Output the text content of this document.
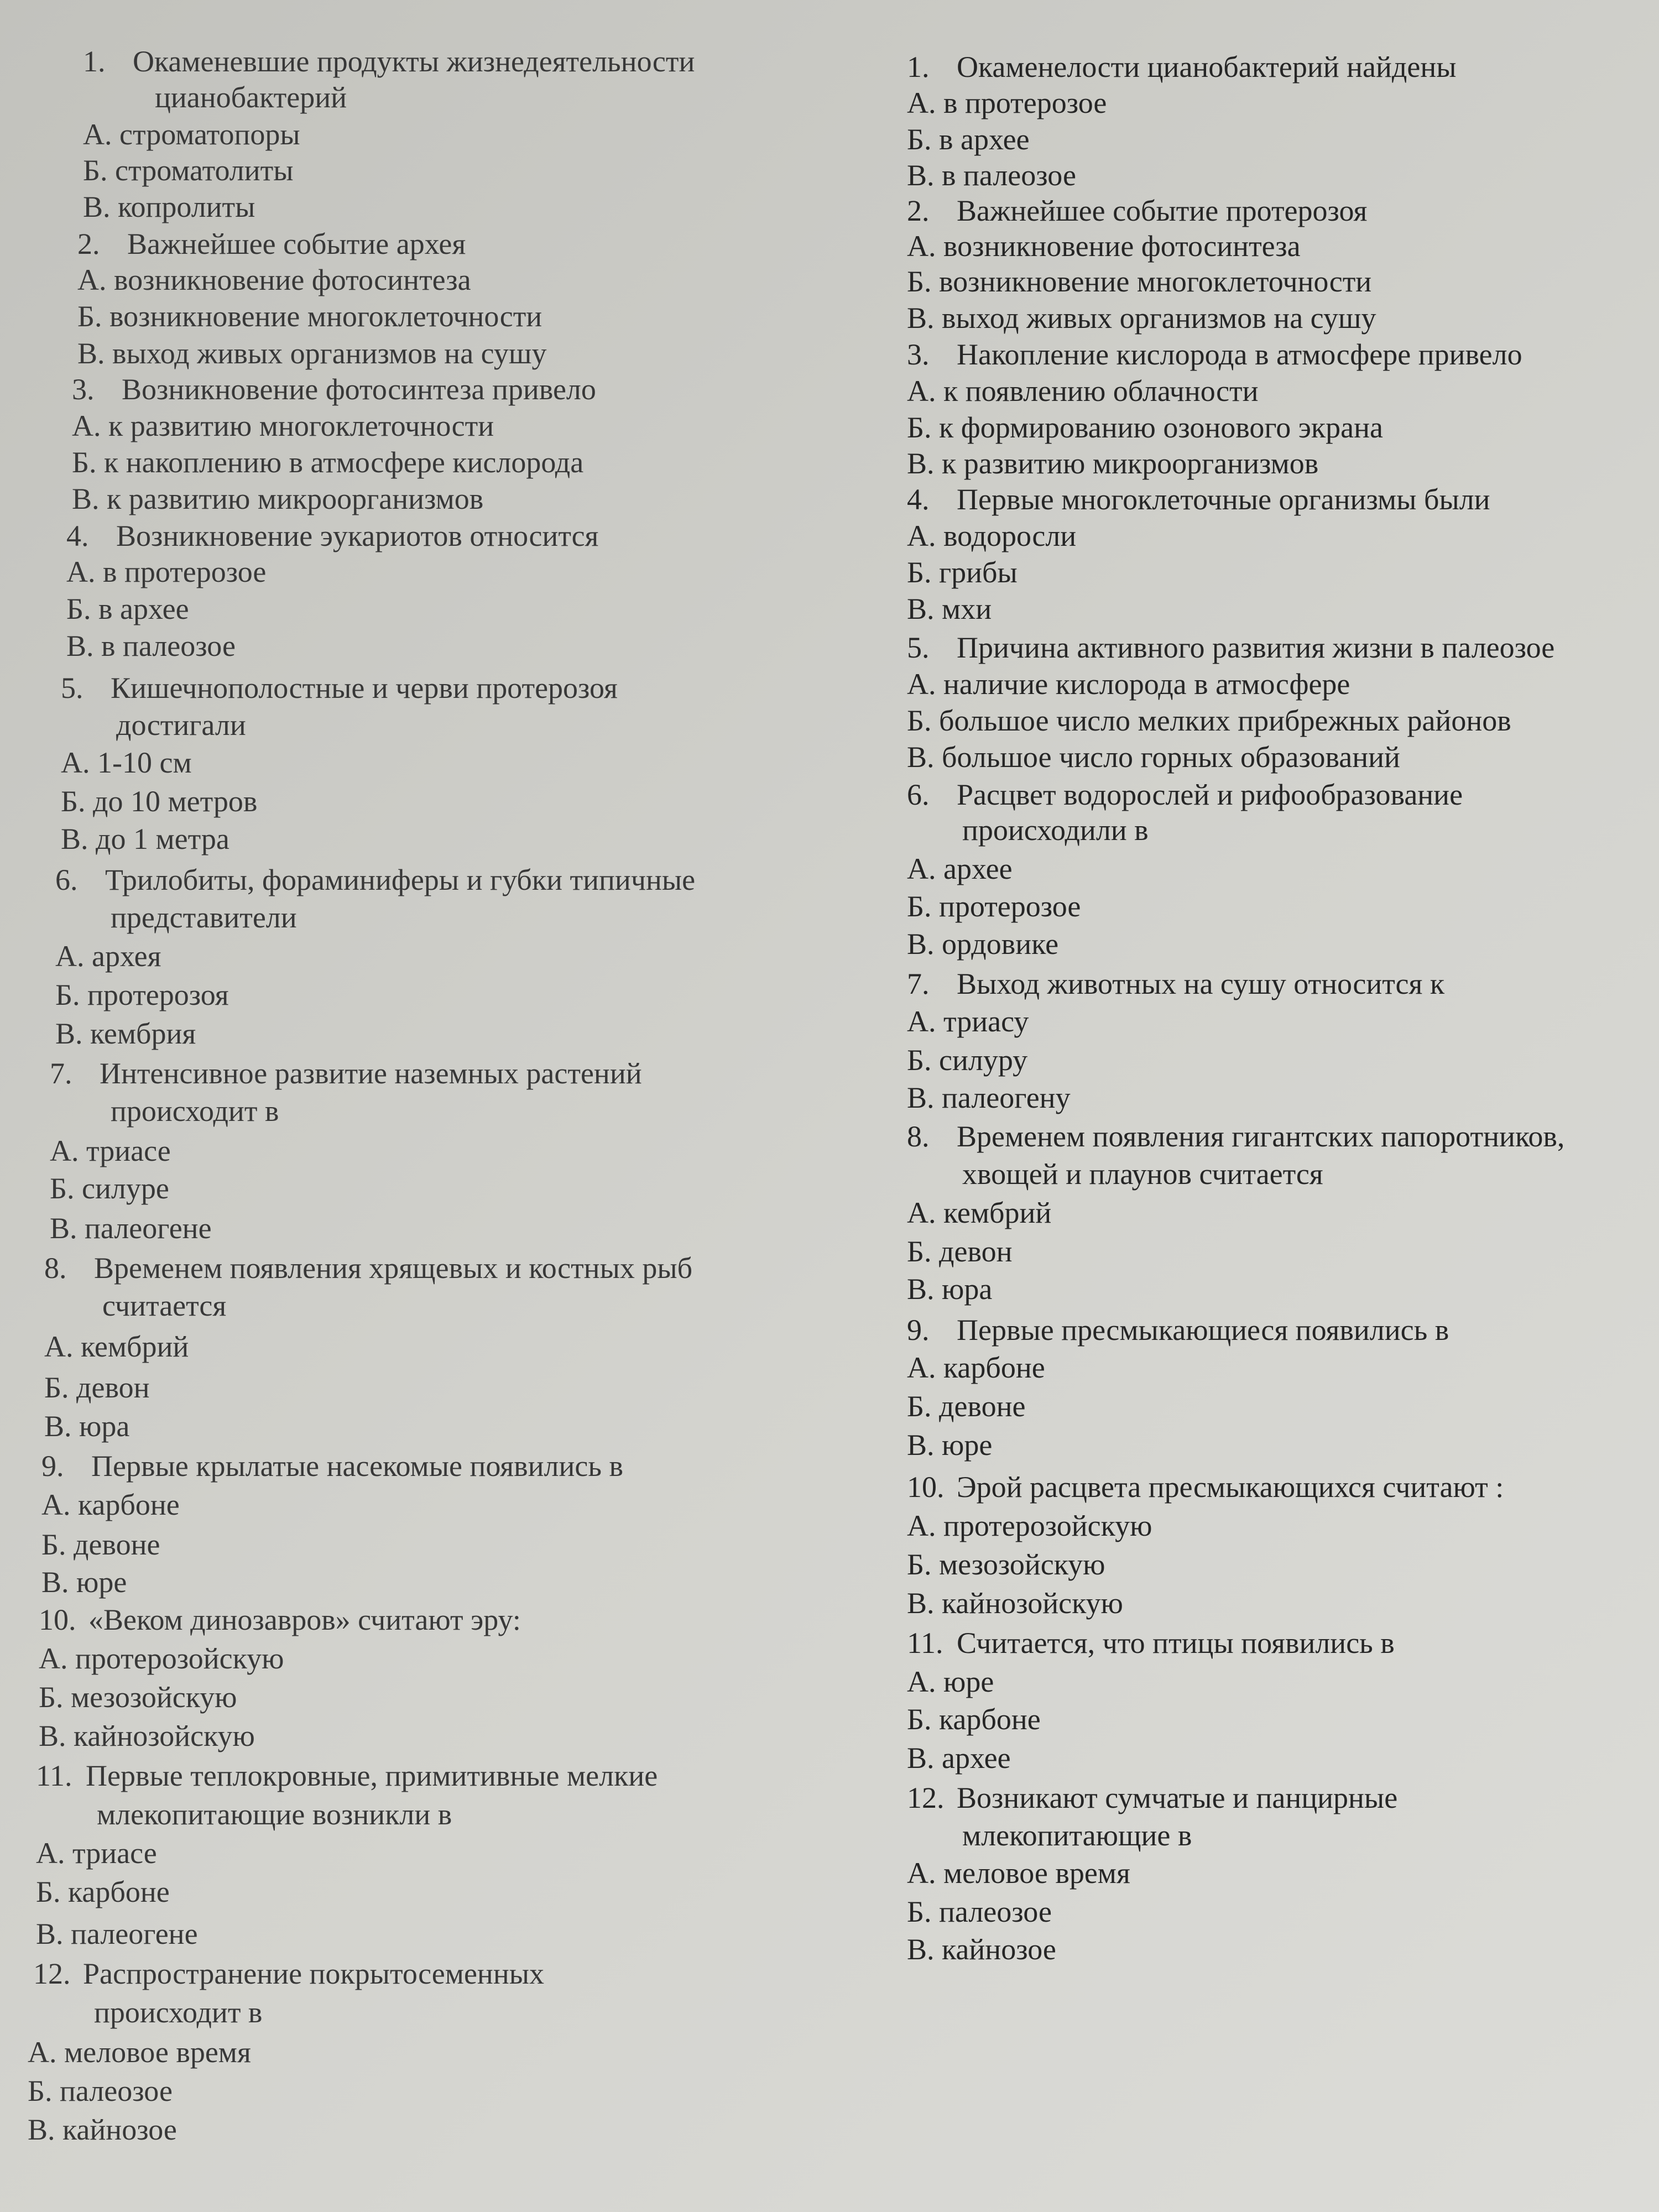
1. Окаменевшие продукты жизнедеятельности
цианобактерий
А. строматопоры
Б. строматолиты
В. копролиты
2. Важнейшее событие архея
А. возникновение фотосинтеза
Б. возникновение многоклеточности
В. выход живых организмов на сушу
3. Возникновение фотосинтеза привело
А. к развитию многоклеточности
Б. к накоплению в атмосфере кислорода
В. к развитию микроорганизмов
4. Возникновение эукариотов относится
А. в протерозое
Б. в архее
В. в палеозое
5. Кишечнополостные и черви протерозоя
достигали
А. 1-10 см
Б. до 10 метров
В. до 1 метра
6. Трилобиты, фораминиферы и губки типичные
представители
А. архея
Б. протерозоя
В. кембрия
7. Интенсивное развитие наземных растений
происходит в
А. триасе
Б. силуре
В. палеогене
8. Временем появления хрящевых и костных рыб
считается
А. кембрий
Б. девон
В. юра
9. Первые крылатые насекомые появились в
А. карбоне
Б. девоне
В. юре
10. «Веком динозавров» считают эру:
А. протерозойскую
Б. мезозойскую
В. кайнозойскую
11. Первые теплокровные, примитивные мелкие
млекопитающие возникли в
А. триасе
Б. карбоне
В. палеогене
12. Распространение покрытосеменных
происходит в
А. меловое время
Б. палеозое
В. кайнозое
1. Окаменелости цианобактерий найдены
А. в протерозое
Б. в архее
В. в палеозое
2. Важнейшее событие протерозоя
А. возникновение фотосинтеза
Б. возникновение многоклеточности
В. выход живых организмов на сушу
3. Накопление кислорода в атмосфере привело
А. к появлению облачности
Б. к формированию озонового экрана
В. к развитию микроорганизмов
4. Первые многоклеточные организмы были
А. водоросли
Б. грибы
В. мхи
5. Причина активного развития жизни в палеозое
А. наличие кислорода в атмосфере
Б. большое число мелких прибрежных районов
В. большое число горных образований
6. Расцвет водорослей и рифообразование
происходили в
А. архее
Б. протерозое
В. ордовике
7. Выход животных на сушу относится к
А. триасу
Б. силуру
В. палеогену
8. Временем появления гигантских папоротников,
хвощей и плаунов считается
А. кембрий
Б. девон
В. юра
9. Первые пресмыкающиеся появились в
А. карбоне
Б. девоне
В. юре
10. Эрой расцвета пресмыкающихся считают :
А. протерозойскую
Б. мезозойскую
В. кайнозойскую
11. Считается, что птицы появились в
А. юре
Б. карбоне
В. архее
12. Возникают сумчатые и панцирные
млекопитающие в
А. меловое время
Б. палеозое
В. кайнозое
